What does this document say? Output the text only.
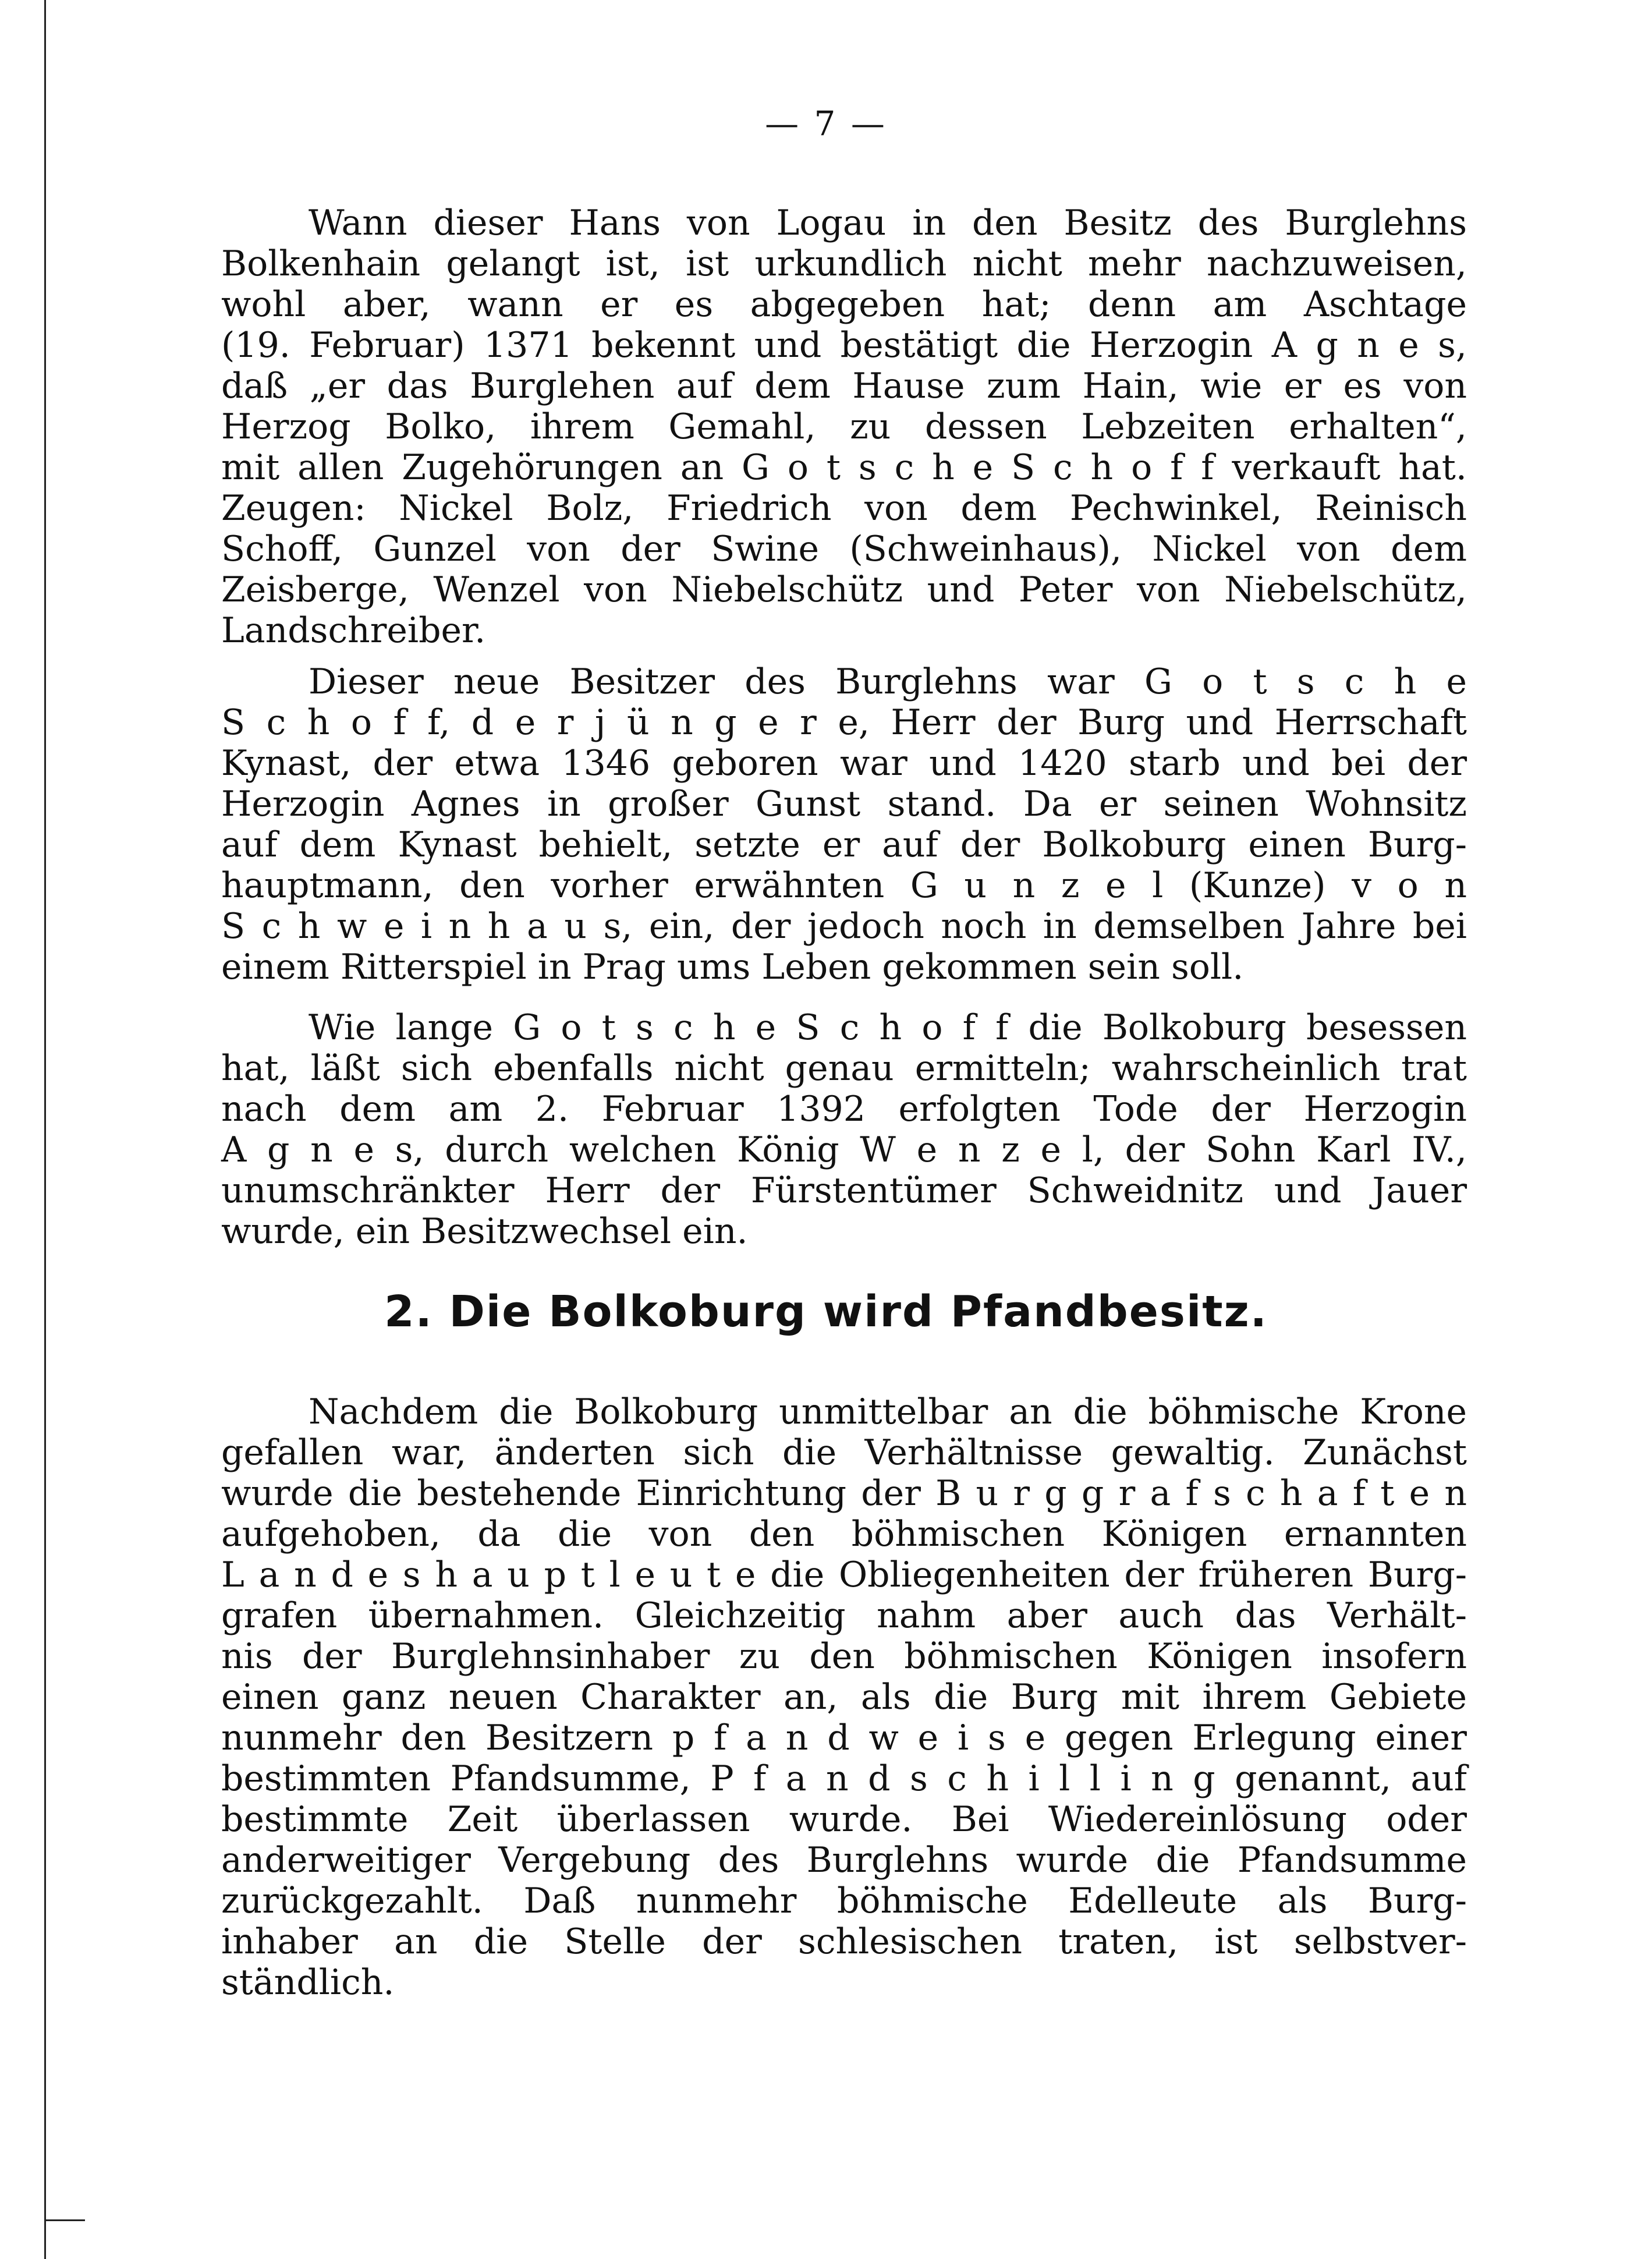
— 7 —
Wann dieser Hans von Logau in den Besitz des Burglehns
Bolkenhain gelangt ist, ist urkundlich nicht mehr nachzuweisen,
wohl aber, wann er es abgegeben hat; denn am Aschtage
(19. Februar) 1371 bekennt und bestätigt die Herzogin A g n e s,
daß „er das Burglehen auf dem Hause zum Hain, wie er es von
Herzog Bolko, ihrem Gemahl, zu dessen Lebzeiten erhalten“,
mit allen Zugehörungen an G o t s c h e S c h o f f verkauft hat.
Zeugen: Nickel Bolz, Friedrich von dem Pechwinkel, Reinisch
Schoff, Gunzel von der Swine (Schweinhaus), Nickel von dem
Zeisberge, Wenzel von Niebelschütz und Peter von Niebelschütz,
Landschreiber.
Dieser neue Besitzer des Burglehns war G o t s c h e
S c h o f f, d e r j ü n g e r e, Herr der Burg und Herrschaft
Kynast, der etwa 1346 geboren war und 1420 starb und bei der
Herzogin Agnes in großer Gunst stand. Da er seinen Wohnsitz
auf dem Kynast behielt, setzte er auf der Bolkoburg einen Burg-
hauptmann, den vorher erwähnten G u n z e l (Kunze) v o n
S c h w e i n h a u s, ein, der jedoch noch in demselben Jahre bei
einem Ritterspiel in Prag ums Leben gekommen sein soll.
Wie lange G o t s c h e S c h o f f die Bolkoburg besessen
hat, läßt sich ebenfalls nicht genau ermitteln; wahrscheinlich trat
nach dem am 2. Februar 1392 erfolgten Tode der Herzogin
A g n e s, durch welchen König W e n z e l, der Sohn Karl IV.,
unumschränkter Herr der Fürstentümer Schweidnitz und Jauer
wurde, ein Besitzwechsel ein.
2. Die Bolkoburg wird Pfandbesitz.
Nachdem die Bolkoburg unmittelbar an die böhmische Krone
gefallen war, änderten sich die Verhältnisse gewaltig. Zunächst
wurde die bestehende Einrichtung der B u r g g r a f s c h a f t e n
aufgehoben, da die von den böhmischen Königen ernannten
L a n d e s h a u p t l e u t e die Obliegenheiten der früheren Burg-
grafen übernahmen. Gleichzeitig nahm aber auch das Verhält-
nis der Burglehnsinhaber zu den böhmischen Königen insofern
einen ganz neuen Charakter an, als die Burg mit ihrem Gebiete
nunmehr den Besitzern p f a n d w e i s e gegen Erlegung einer
bestimmten Pfandsumme, P f a n d s c h i l l i n g genannt, auf
bestimmte Zeit überlassen wurde. Bei Wiedereinlösung oder
anderweitiger Vergebung des Burglehns wurde die Pfandsumme
zurückgezahlt. Daß nunmehr böhmische Edelleute als Burg-
inhaber an die Stelle der schlesischen traten, ist selbstver-
ständlich.
